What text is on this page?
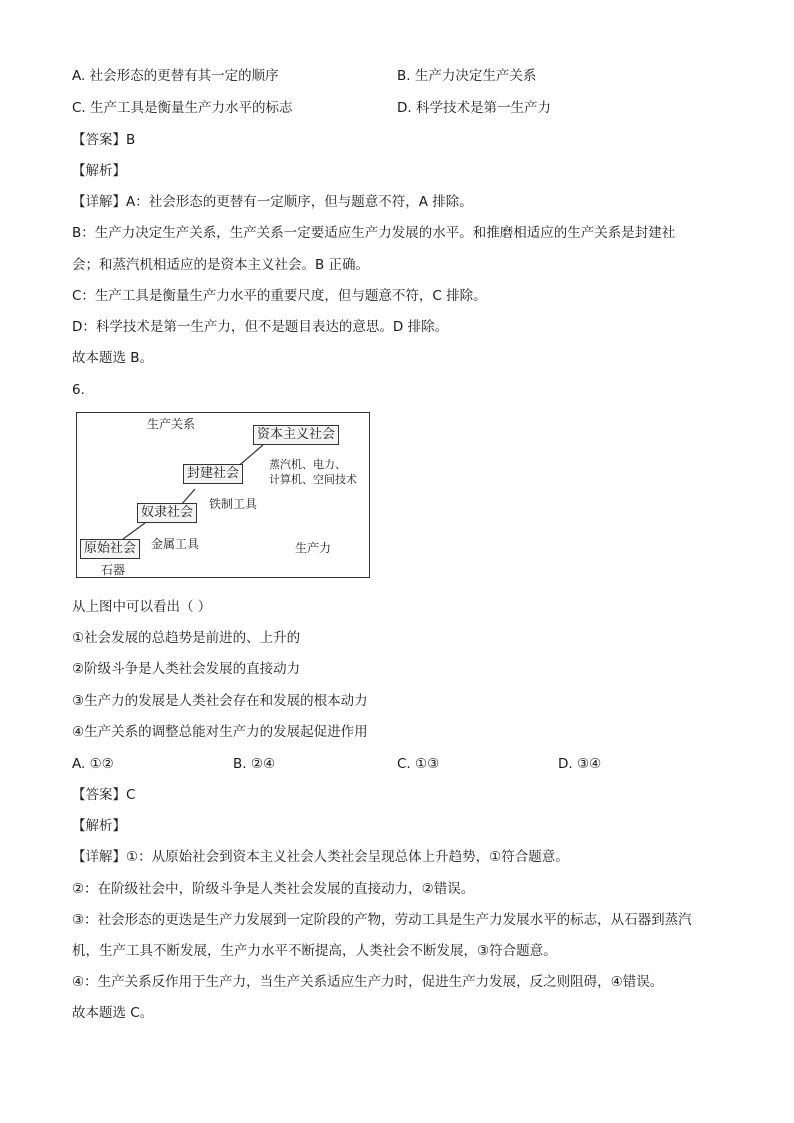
A. 社会形态的更替有其一定的顺序	B. 生产力决定生产关系
C. 生产工具是衡量生产力水平的标志	D. 科学技术是第一生产力
【答案】B
【解析】
【详解】A：社会形态的更替有一定顺序，但与题意不符，A 排除。
B：生产力决定生产关系，生产关系一定要适应生产力发展的水平。和推磨相适应的生产关系是封建社
会；和蒸汽机相适应的是资本主义社会。B 正确。
C：生产工具是衡量生产力水平的重要尺度，但与题意不符，C 排除。
D：科学技术是第一生产力，但不是题目表达的意思。D 排除。
故本题选 B。
6.
生产关系
资本主义社会
蒸汽机、电力、
计算机、空间技术
封建社会
铁制工具
奴隶社会
原始社会	金属工具	生产力
石器
从上图中可以看出（ ）
①社会发展的总趋势是前进的、上升的
②阶级斗争是人类社会发展的直接动力
③生产力的发展是人类社会存在和发展的根本动力
④生产关系的调整总能对生产力的发展起促进作用
A. ①②	B. ②④	C. ①③	D. ③④
【答案】C
【解析】
【详解】①：从原始社会到资本主义社会人类社会呈现总体上升趋势，①符合题意。
②：在阶级社会中，阶级斗争是人类社会发展的直接动力，②错误。
③：社会形态的更迭是生产力发展到一定阶段的产物，劳动工具是生产力发展水平的标志，从石器到蒸汽
机，生产工具不断发展，生产力水平不断提高，人类社会不断发展，③符合题意。
④：生产关系反作用于生产力，当生产关系适应生产力时，促进生产力发展，反之则阻碍，④错误。
故本题选 C。
